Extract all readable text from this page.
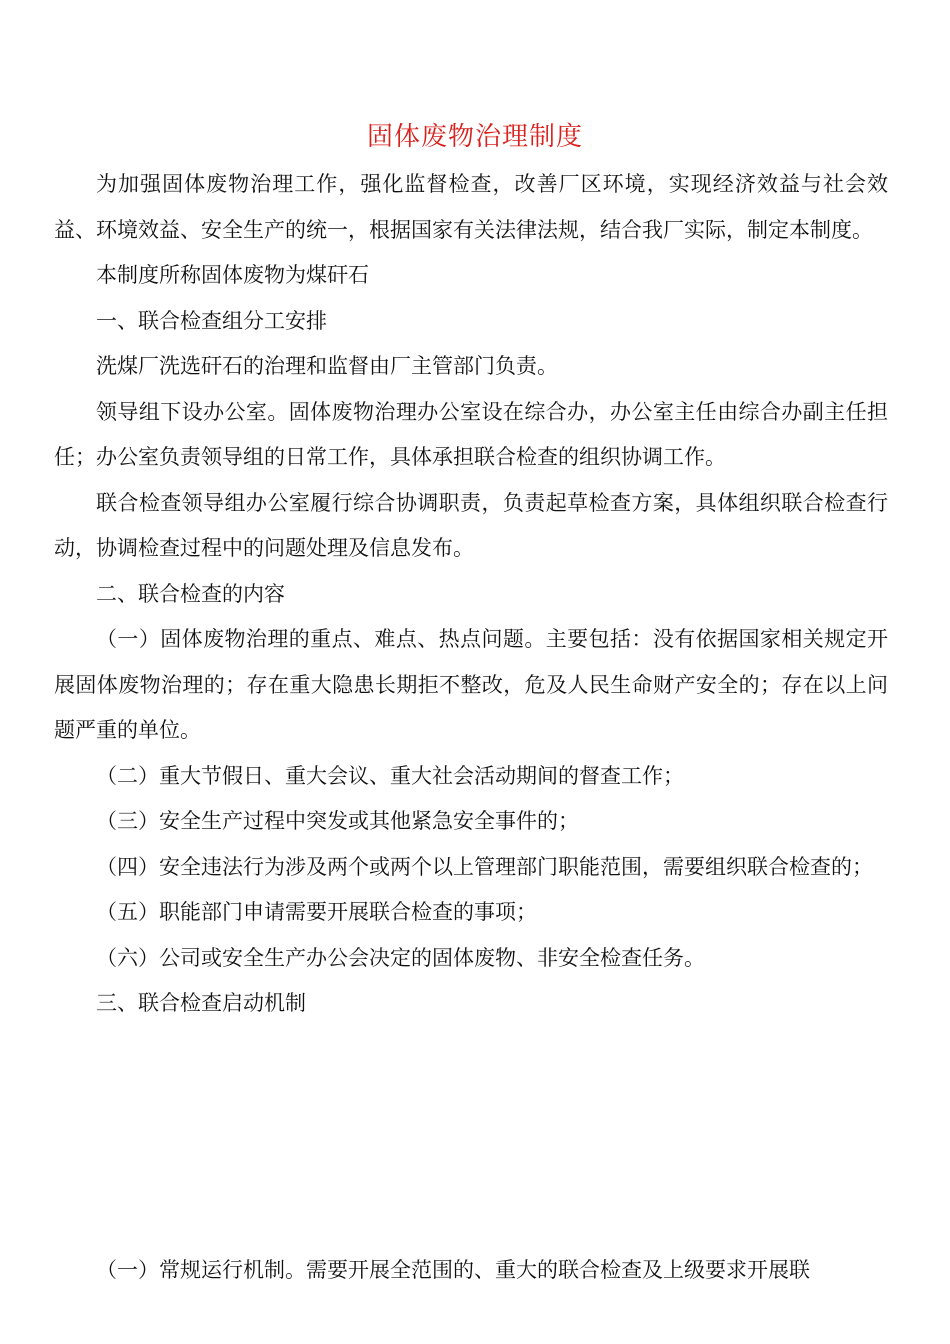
固体废物治理制度

为加强固体废物治理工作，强化监督检查，改善厂区环境，实现经济效益与社会效益、环境效益、安全生产的统一，根据国家有关法律法规，结合我厂实际，制定本制度。

本制度所称固体废物为煤矸石

一、联合检查组分工安排

洗煤厂洗选矸石的治理和监督由厂主管部门负责。

领导组下设办公室。固体废物治理办公室设在综合办，办公室主任由综合办副主任担任；办公室负责领导组的日常工作，具体承担联合检查的组织协调工作。

联合检查领导组办公室履行综合协调职责，负责起草检查方案，具体组织联合检查行动，协调检查过程中的问题处理及信息发布。

二、联合检查的内容

（一）固体废物治理的重点、难点、热点问题。主要包括：没有依据国家相关规定开展固体废物治理的；存在重大隐患长期拒不整改，危及人民生命财产安全的；存在以上问题严重的单位。

（二）重大节假日、重大会议、重大社会活动期间的督查工作；

（三）安全生产过程中突发或其他紧急安全事件的；

（四）安全违法行为涉及两个或两个以上管理部门职能范围，需要组织联合检查的；

（五）职能部门申请需要开展联合检查的事项；

（六）公司或安全生产办公会决定的固体废物、非安全检查任务。

三、联合检查启动机制

（一）常规运行机制。需要开展全范围的、重大的联合检查及上级要求开展联
